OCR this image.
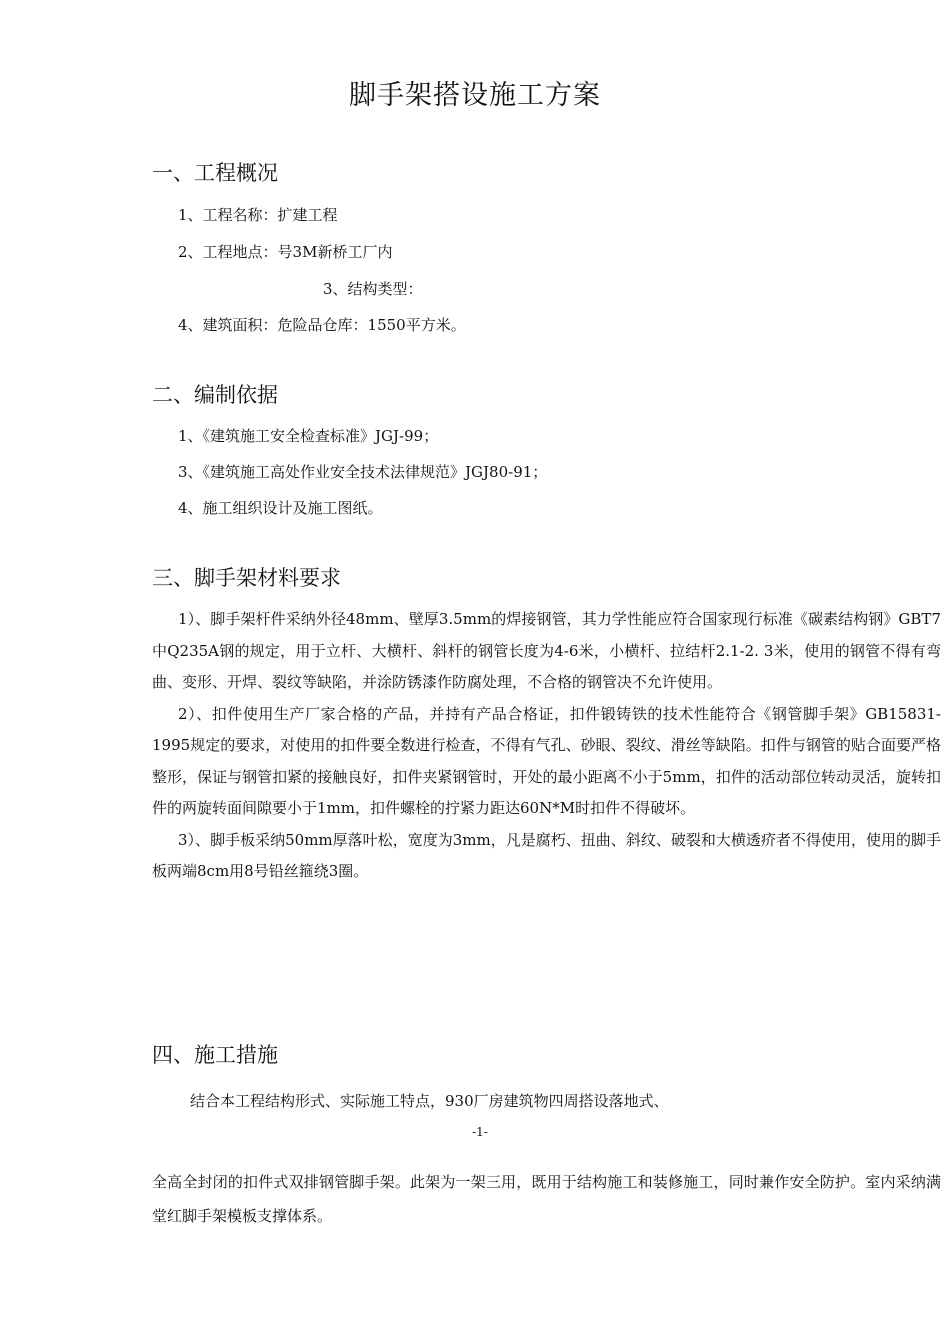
脚手架搭设施工方案
一、工程概况
1、工程名称：扩建工程
2、工程地点：号3M新桥工厂内
3、结构类型：
4、建筑面积：危险品仓库：1550平方米。
二、编制依据
1、《建筑施工安全检查标准》JGJ-99；
3、《建筑施工高处作业安全技术法律规范》JGJ80-91；
4、施工组织设计及施工图纸。
三、脚手架材料要求

1）、脚手架杆件采纳外径48mm、壁厚3.5mm的焊接钢管，其力学性能应符合国家现行标准《碳素结构钢》GBT7中Q235A钢的规定，用于立杆、大横杆、斜杆的钢管长度为4-6米，小横杆、拉结杆2.1-2. 3米，使用的钢管不得有弯曲、变形、开焊、裂纹等缺陷，并涂防锈漆作防腐处理，不合格的钢管决不允许使用。

2）、扣件使用生产厂家合格的产品，并持有产品合格证，扣件锻铸铁的技术性能符合《钢管脚手架》GB15831-1995规定的要求，对使用的扣件要全数进行检查，不得有气孔、砂眼、裂纹、滑丝等缺陷。扣件与钢管的贴合面要严格整形，保证与钢管扣紧的接触良好，扣件夹紧钢管时，开处的最小距离不小于5mm，扣件的活动部位转动灵活，旋转扣件的两旋转面间隙要小于1mm，扣件螺栓的拧紧力距达60N*M时扣件不得破坏。

3）、脚手板采纳50mm厚落叶松，宽度为3mm，凡是腐朽、扭曲、斜纹、破裂和大横透疥者不得使用，使用的脚手板两端8cm用8号铅丝箍绕3圈。

四、施工措施
结合本工程结构形式、实际施工特点，930厂房建筑物四周搭设落地式、
-1-

全高全封闭的扣件式双排钢管脚手架。此架为一架三用，既用于结构施工和装修施工，同时兼作安全防护。室内采纳满堂红脚手架模板支撑体系。
